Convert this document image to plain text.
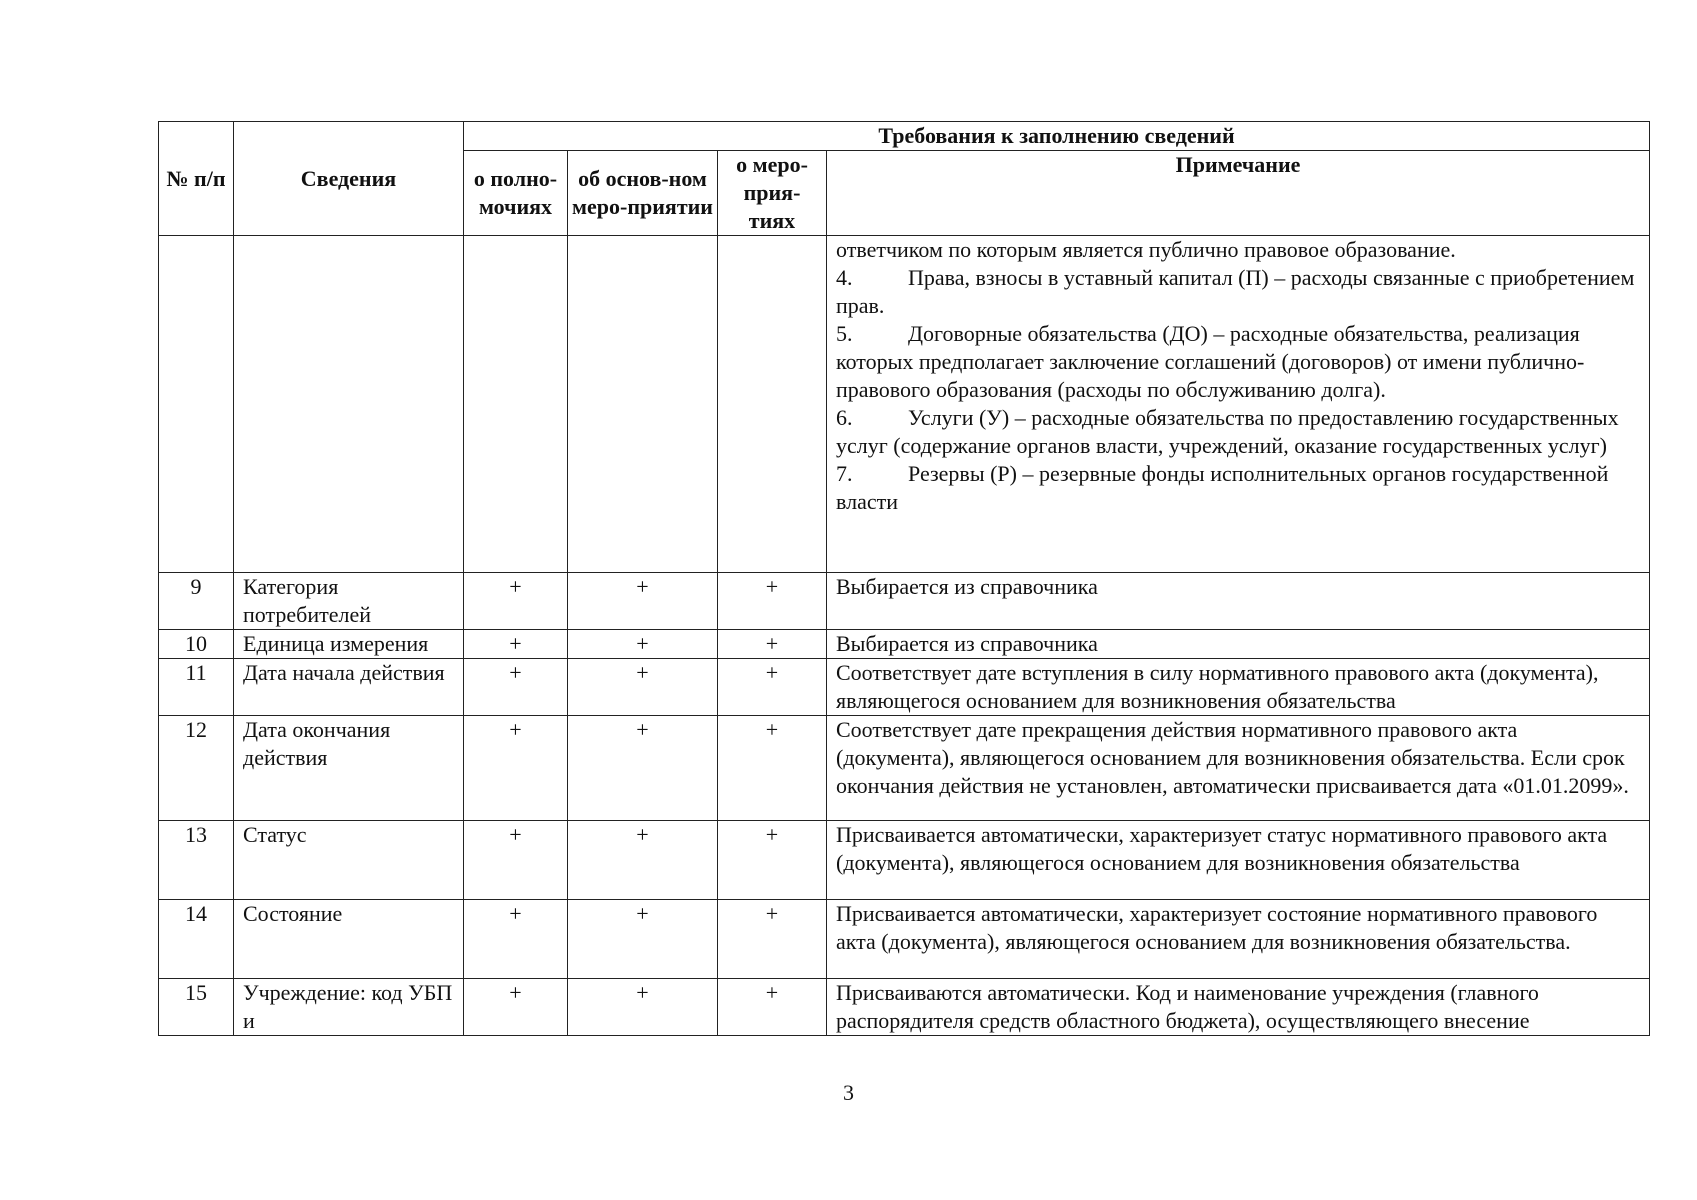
№ п/п	Сведения	Требования к заполнению сведений			
		о полно-мочиях	об основ-ном меро-приятии	о меро-прия-тиях	Примечание

					ответчиком по которым является публично правовое образование.
4. Права, взносы в уставный капитал (П) – расходы связанные с приобретением прав.
5. Договорные обязательства (ДО) – расходные обязательства, реализация которых предполагает заключение соглашений (договоров) от имени публично-правового образования (расходы по обслуживанию долга).
6. Услуги (У) – расходные обязательства по предоставлению государственных услуг (содержание органов власти, учреждений, оказание государственных услуг)
7. Резервы (Р) – резервные фонды исполнительных органов государственной власти

9	Категория потребителей	+	+	+	Выбирается из справочника
10	Единица измерения	+	+	+	Выбирается из справочника
11	Дата начала действия	+	+	+	Соответствует дате вступления в силу нормативного правового акта (документа), являющегося основанием для возникновения обязательства
12	Дата окончания действия	+	+	+	Соответствует дате прекращения действия нормативного правового акта (документа), являющегося основанием для возникновения обязательства. Если срок окончания действия не установлен, автоматически присваивается дата «01.01.2099».
13	Статус	+	+	+	Присваивается автоматически, характеризует статус нормативного правового акта (документа), являющегося основанием для возникновения обязательства
14	Состояние	+	+	+	Присваивается автоматически, характеризует состояние нормативного правового акта (документа), являющегося основанием для возникновения обязательства.
15	Учреждение: код УБП и	+	+	+	Присваиваются автоматически. Код и наименование учреждения (главного распорядителя средств областного бюджета), осуществляющего внесение
3
